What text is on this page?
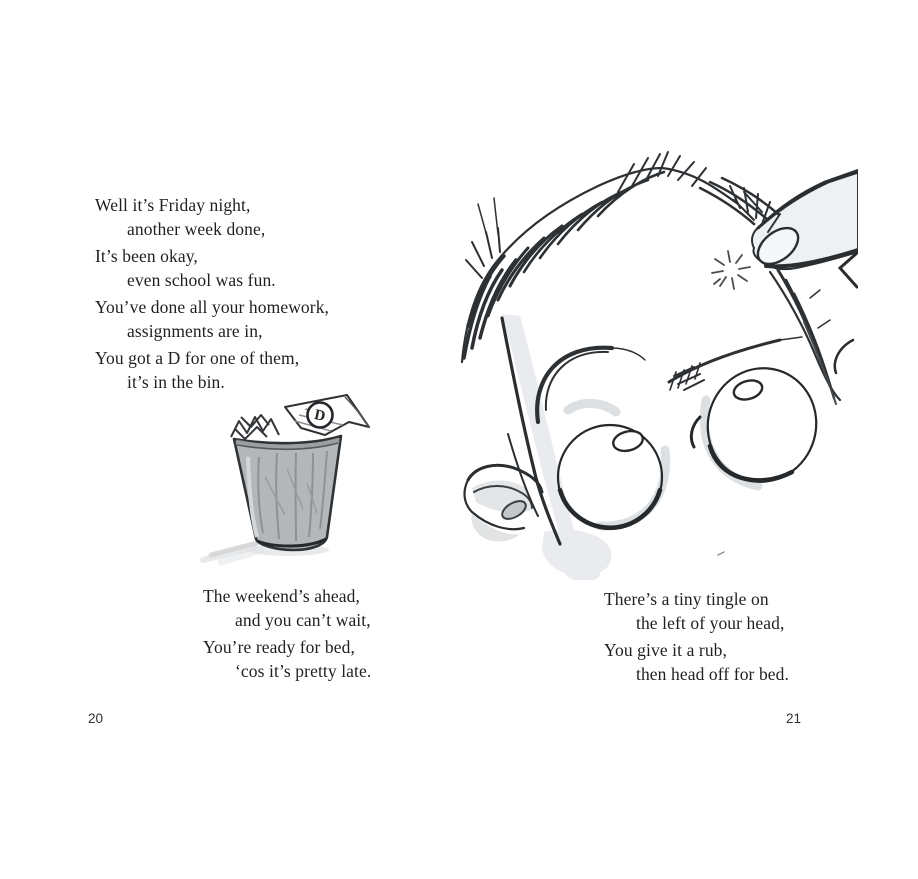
Well it’s Friday night,
another week done,
It’s been okay,
even school was fun.
You’ve done all your homework,
assignments are in,
You got a D for one of them,
it’s in the bin.
D
The weekend’s ahead,
and you can’t wait,
You’re ready for bed,
‘cos it’s pretty late.
20
There’s a tiny tingle on
the left of your head,
You give it a rub,
then head off for bed.
21
